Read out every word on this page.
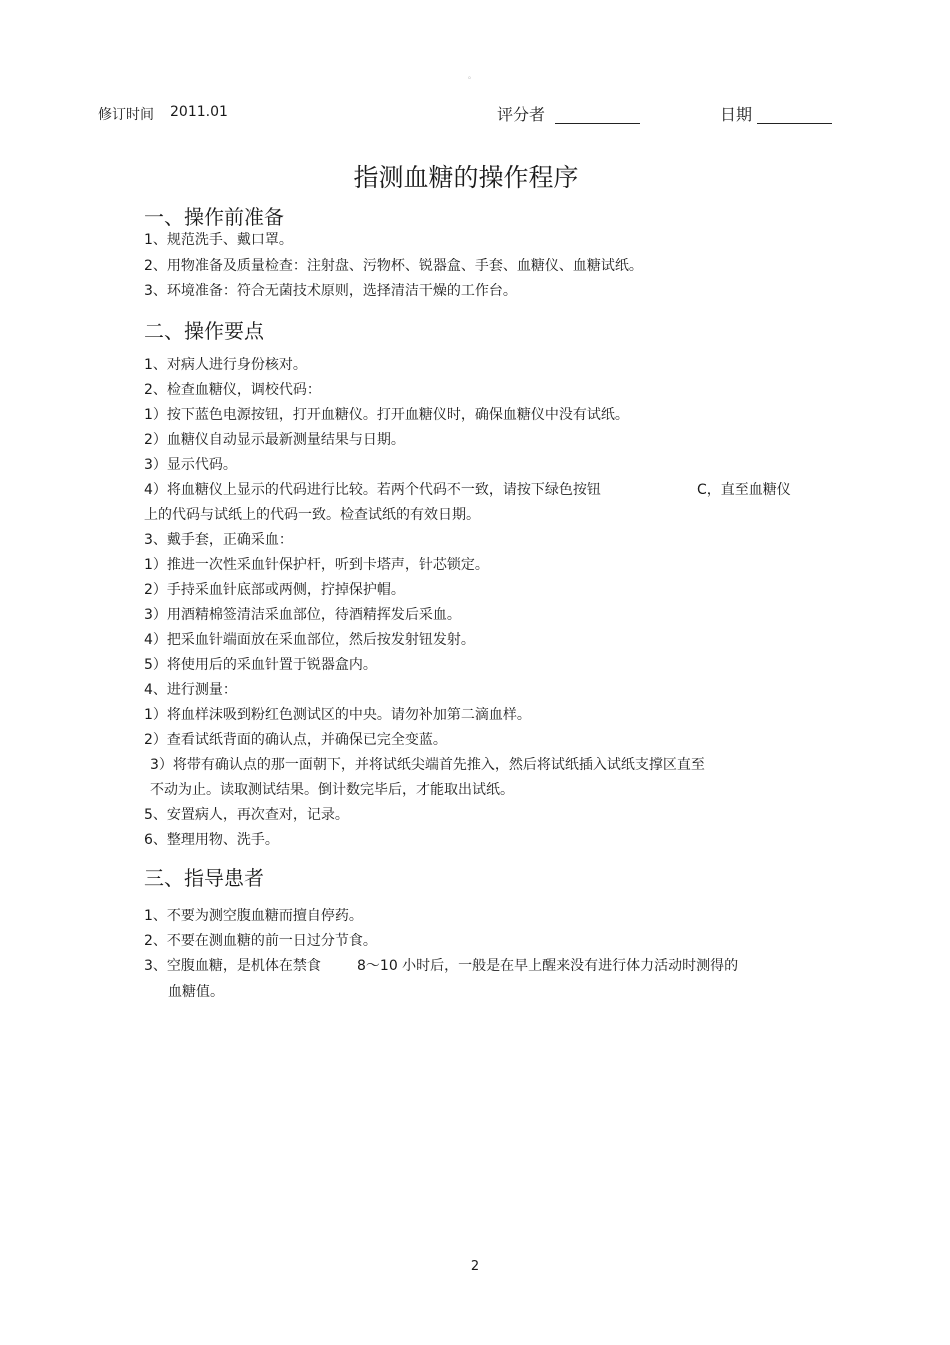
。
修订时间 2011.01	评分者	日期
指测血糖的操作程序
一、操作前准备
1、规范洗手、戴口罩。
2、用物准备及质量检查：注射盘、污物杯、锐器盒、手套、血糖仪、血糖试纸。
3、环境准备：符合无菌技术原则，选择清洁干燥的工作台。
二、操作要点
1、对病人进行身份核对。
2、检查血糖仪，调校代码：
1）按下蓝色电源按钮，打开血糖仪。打开血糖仪时，确保血糖仪中没有试纸。
2）血糖仪自动显示最新测量结果与日期。
3）显示代码。
4）将血糖仪上显示的代码进行比较。若两个代码不一致，请按下绿色按钮	C，直至血糖仪
上的代码与试纸上的代码一致。检查试纸的有效日期。
3、戴手套，正确采血：
1）推进一次性采血针保护杆，听到卡塔声，针芯锁定。
2）手持采血针底部或两侧，拧掉保护帽。
3）用酒精棉签清洁采血部位，待酒精挥发后采血。
4）把采血针端面放在采血部位，然后按发射钮发射。
5）将使用后的采血针置于锐器盒内。
4、进行测量：
1）将血样沫吸到粉红色测试区的中央。请勿补加第二滴血样。
2）查看试纸背面的确认点，并确保已完全变蓝。
3）将带有确认点的那一面朝下，并将试纸尖端首先推入，然后将试纸插入试纸支撑区直至
不动为止。读取测试结果。倒计数完毕后，才能取出试纸。
5、安置病人，再次查对，记录。
6、整理用物、洗手。
三、指导患者
1、不要为测空腹血糖而擅自停药。
2、不要在测血糖的前一日过分节食。
3、空腹血糖，是机体在禁食	8～10 小时后，一般是在早上醒来没有进行体力活动时测得的
血糖值。
2
